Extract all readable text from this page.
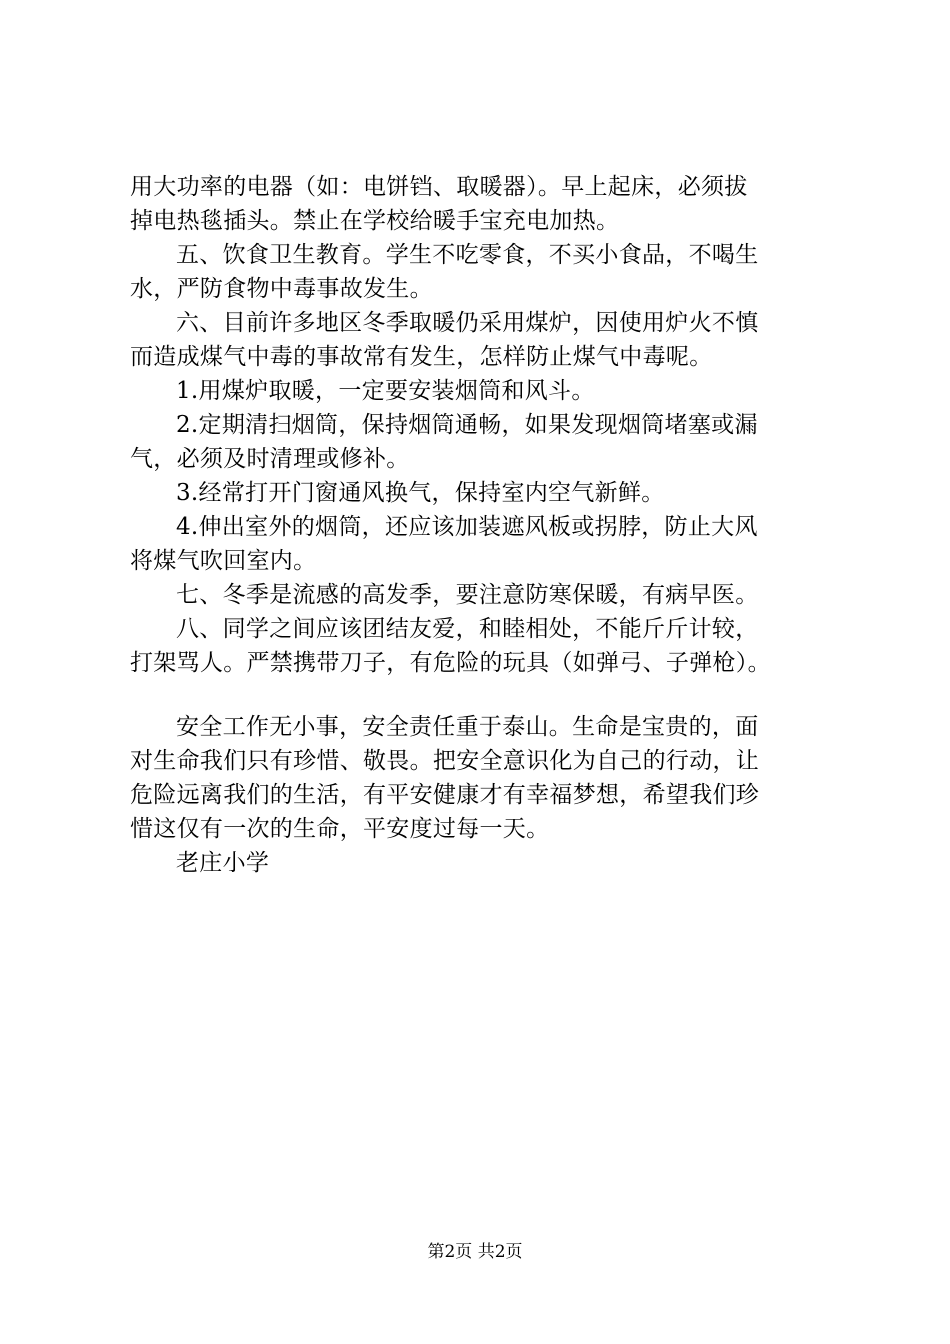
用大功率的电器（如：电饼铛、取暖器）。早上起床，必须拔

掉电热毯插头。禁止在学校给暖手宝充电加热。

五、饮食卫生教育。学生不吃零食，不买小食品，不喝生

水，严防食物中毒事故发生。

六、目前许多地区冬季取暖仍采用煤炉，因使用炉火不慎

而造成煤气中毒的事故常有发生，怎样防止煤气中毒呢。

1.用煤炉取暖，一定要安装烟筒和风斗。

2.定期清扫烟筒，保持烟筒通畅，如果发现烟筒堵塞或漏

气，必须及时清理或修补。

3.经常打开门窗通风换气，保持室内空气新鲜。

4.伸出室外的烟筒，还应该加装遮风板或拐脖，防止大风

将煤气吹回室内。

七、冬季是流感的高发季，要注意防寒保暖，有病早医。

八、同学之间应该团结友爱，和睦相处，不能斤斤计较，

打架骂人。严禁携带刀子，有危险的玩具（如弹弓、子弹枪）。

安全工作无小事，安全责任重于泰山。生命是宝贵的，面

对生命我们只有珍惜、敬畏。把安全意识化为自己的行动，让

危险远离我们的生活，有平安健康才有幸福梦想，希望我们珍

惜这仅有一次的生命，平安度过每一天。

老庄小学

第2页 共2页
